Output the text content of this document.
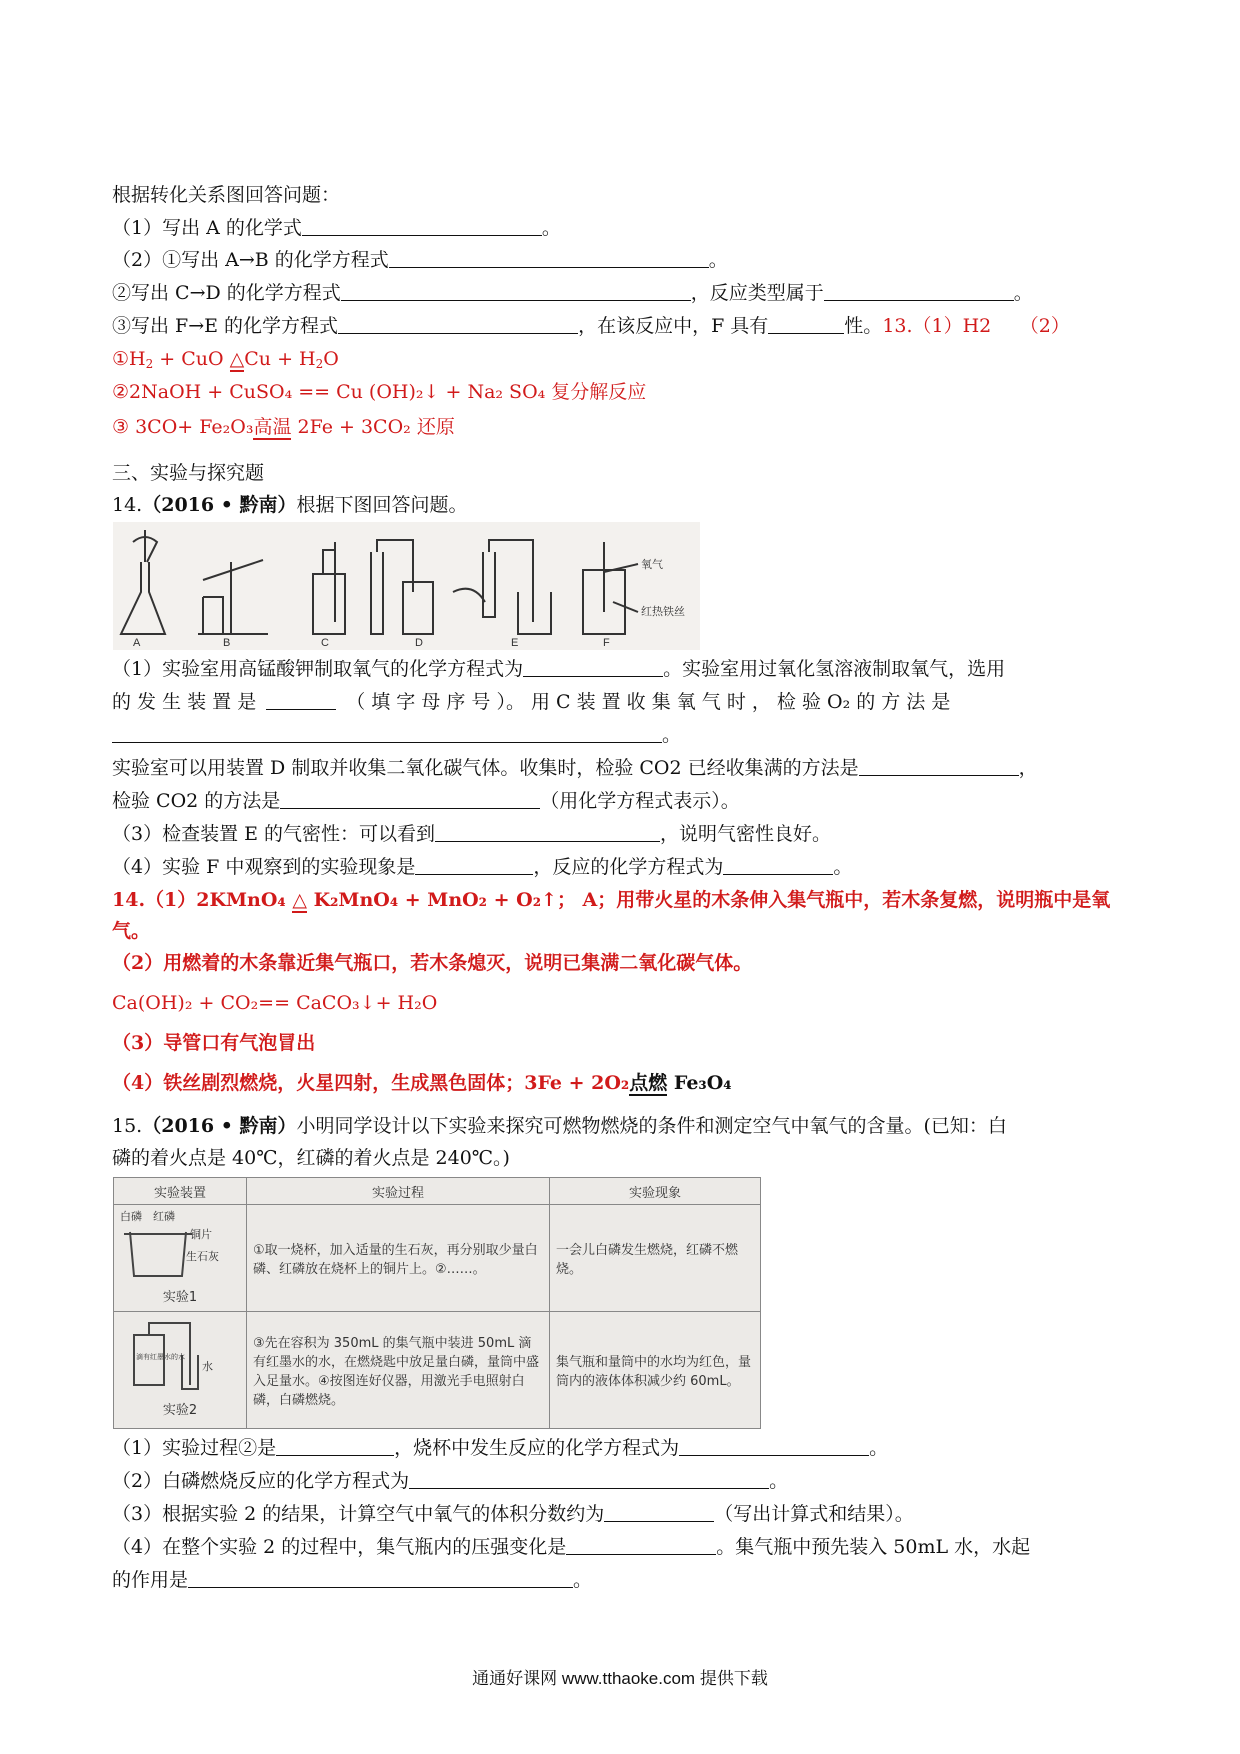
根据转化关系图回答问题：
（1）写出 A 的化学式	。
（2）①写出 A→B 的化学方程式	。
②写出 C→D 的化学方程式	，反应类型属于	。
③写出 F→E 的化学方程式	，在该反应中，F 具有	性。13.（1）H2　　（2）
$①H_2$ + CuO △Cu + $H_2O$
②2NaOH + CuSO₄ == Cu (OH)₂↓ + Na₂ SO₄ 复分解反应
③ 3CO+ Fe₂O₃高温 2Fe + 3CO₂ 还原
三、实验与探究题
14.（2016 • 黔南）根据下图回答问题。
A	B	C	D	E	F
氧气
红热铁丝
（1）实验室用高锰酸钾制取氧气的化学方程式为	。实验室用过氧化氢溶液制取氧气，选用
的 发 生 装 置 是	（ 填 字 母 序 号 ）。 用 C 装 置 收 集 氧 气 时 ， 检 验 O₂ 的 方 法 是
。
实验室可以用装置 D 制取并收集二氧化碳气体。收集时，检验 CO2 已经收集满的方法是	，
检验 CO2 的方法是	（用化学方程式表示）。
（3）检查装置 E 的气密性：可以看到	，说明气密性良好。
（4）实验 F 中观察到的实验现象是	，反应的化学方程式为	。
14.（1）2KMnO₄ △ K₂MnO₄ + MnO₂ + O₂↑； A；用带火星的木条伸入集气瓶中，若木条复燃，说明瓶中是氧
气。
（2）用燃着的木条靠近集气瓶口，若木条熄灭，说明已集满二氧化碳气体。
Ca(OH)₂ + CO₂== CaCO₃↓+ H₂O
（3）导管口有气泡冒出
（4）铁丝剧烈燃烧，火星四射，生成黑色固体；3Fe + 2O₂点燃 Fe₃O₄
15.（2016 • 黔南）小明同学设计以下实验来探究可燃物燃烧的条件和测定空气中氧气的含量。(已知：白
磷的着火点是 40℃，红磷的着火点是 240℃。)
实验装置	实验过程	实验现象

白磷　 红磷
铜片
生石灰
实验1	①取一烧杯，加入适量的生石灰，再分别取少量白磷、红磷放在烧杯上的铜片上。②……。	一会儿白磷发生燃烧，红磷不燃烧。

滴有红墨水的水
水
实验2	③先在容积为 350mL 的集气瓶中装进 50mL 滴有红墨水的水，在燃烧匙中放足量白磷，量筒中盛入足量水。④按图连好仪器，用激光手电照射白磷，白磷燃烧。	集气瓶和量筒中的水均为红色，量筒内的液体体积减少约 60mL。
（1）实验过程②是	，烧杯中发生反应的化学方程式为	。
（2）白磷燃烧反应的化学方程式为	。
（3）根据实验 2 的结果，计算空气中氧气的体积分数约为	（写出计算式和结果）。
（4）在整个实验 2 的过程中，集气瓶内的压强变化是	。集气瓶中预先装入 50mL 水，水起
的作用是	。
通通好课网 www.tthaoke.com 提供下载
